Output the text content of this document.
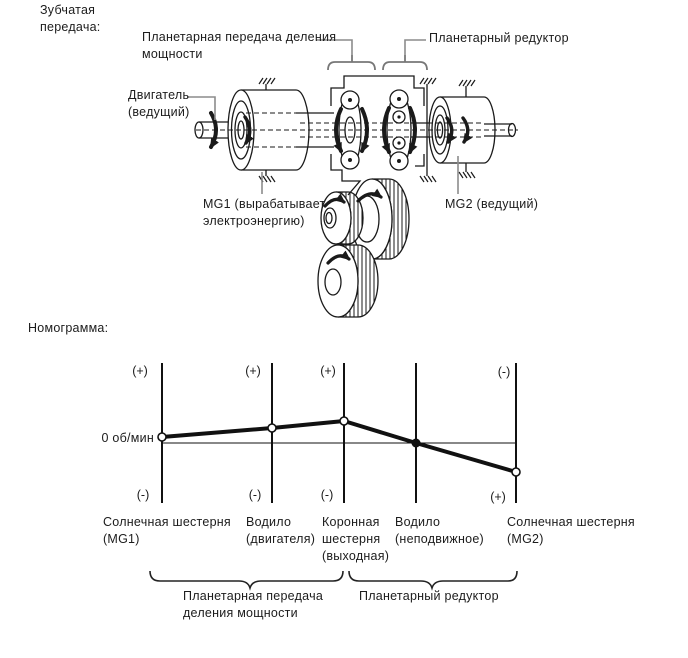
Зубчатая передача:
Планетарная передача деления мощности
Планетарный редуктор
Двигатель (ведущий)
MG1 (вырабатывает электроэнергию)
MG2 (ведущий)
Номограмма:
0 об/мин
(+)	(+)	(+)	(-)
(-)	(-)	(-)	(+)
Солнечная шестерня (MG1)
Водило (двигателя)
Коронная шестерня (выходная)
Водило (неподвижное)
Солнечная шестерня (MG2)
Планетарная передача деления мощности
Планетарный редуктор
